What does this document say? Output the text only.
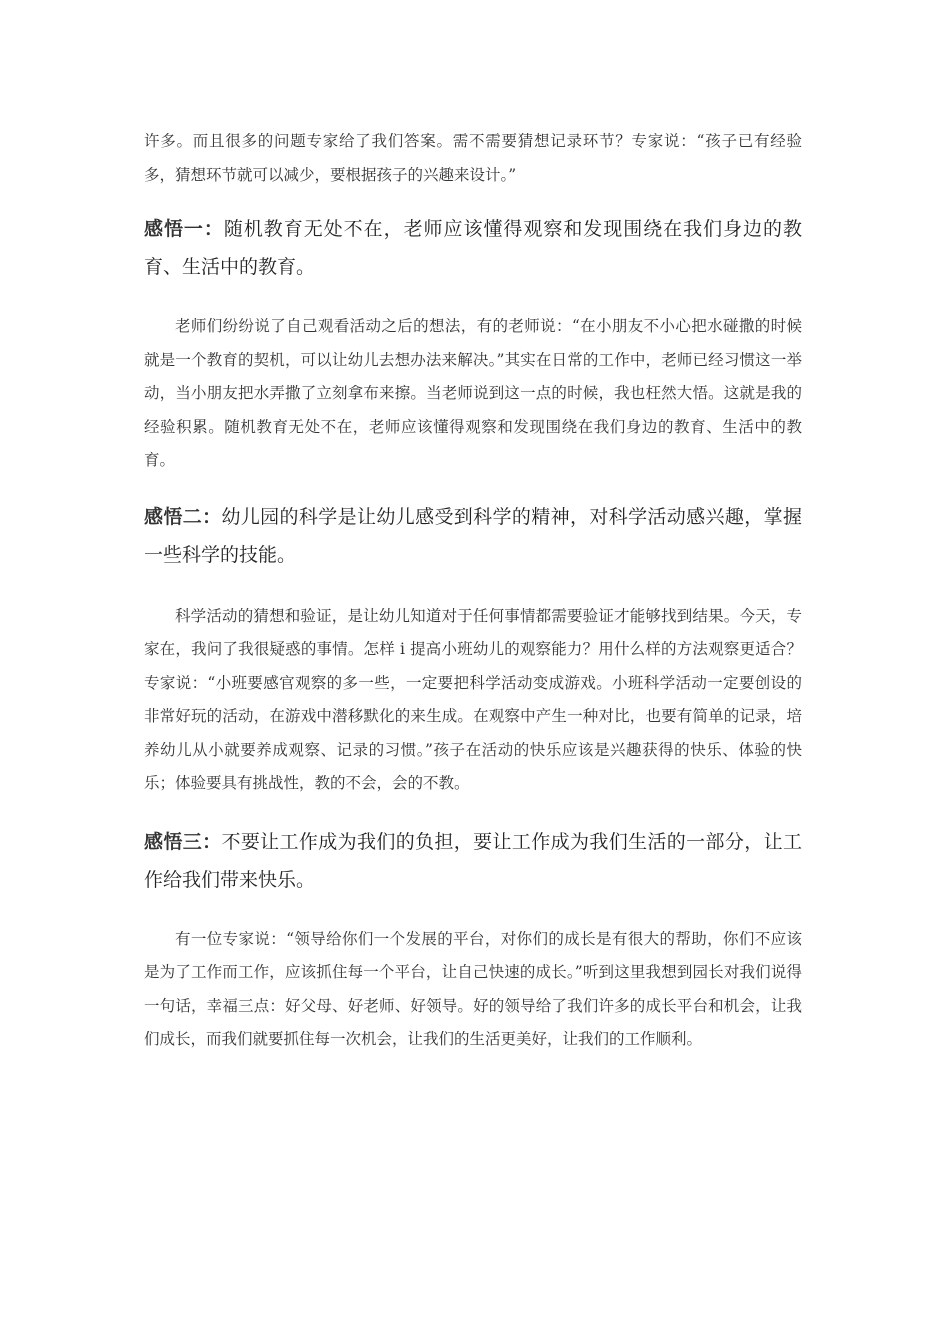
许多。而且很多的问题专家给了我们答案。需不需要猜想记录环节？专家说：“孩子已有经验多，猜想环节就可以减少，要根据孩子的兴趣来设计。”

感悟一：随机教育无处不在，老师应该懂得观察和发现围绕在我们身边的教育、生活中的教育。

老师们纷纷说了自己观看活动之后的想法，有的老师说：“在小朋友不小心把水碰撒的时候就是一个教育的契机，可以让幼儿去想办法来解决。”其实在日常的工作中，老师已经习惯这一举动，当小朋友把水弄撒了立刻拿布来擦。当老师说到这一点的时候，我也枉然大悟。这就是我的经验积累。随机教育无处不在，老师应该懂得观察和发现围绕在我们身边的教育、生活中的教育。

感悟二：幼儿园的科学是让幼儿感受到科学的精神，对科学活动感兴趣，掌握一些科学的技能。

科学活动的猜想和验证，是让幼儿知道对于任何事情都需要验证才能够找到结果。今天，专家在，我问了我很疑惑的事情。怎样 i 提高小班幼儿的观察能力？用什么样的方法观察更适合？专家说：“小班要感官观察的多一些，一定要把科学活动变成游戏。小班科学活动一定要创设的非常好玩的活动，在游戏中潜移默化的来生成。在观察中产生一种对比，也要有简单的记录，培养幼儿从小就要养成观察、记录的习惯。”孩子在活动的快乐应该是兴趣获得的快乐、体验的快乐；体验要具有挑战性，教的不会，会的不教。

感悟三：不要让工作成为我们的负担，要让工作成为我们生活的一部分，让工作给我们带来快乐。

有一位专家说：“领导给你们一个发展的平台，对你们的成长是有很大的帮助，你们不应该是为了工作而工作，应该抓住每一个平台，让自己快速的成长。”听到这里我想到园长对我们说得一句话，幸福三点：好父母、好老师、好领导。好的领导给了我们许多的成长平台和机会，让我们成长，而我们就要抓住每一次机会，让我们的生活更美好，让我们的工作顺利。
